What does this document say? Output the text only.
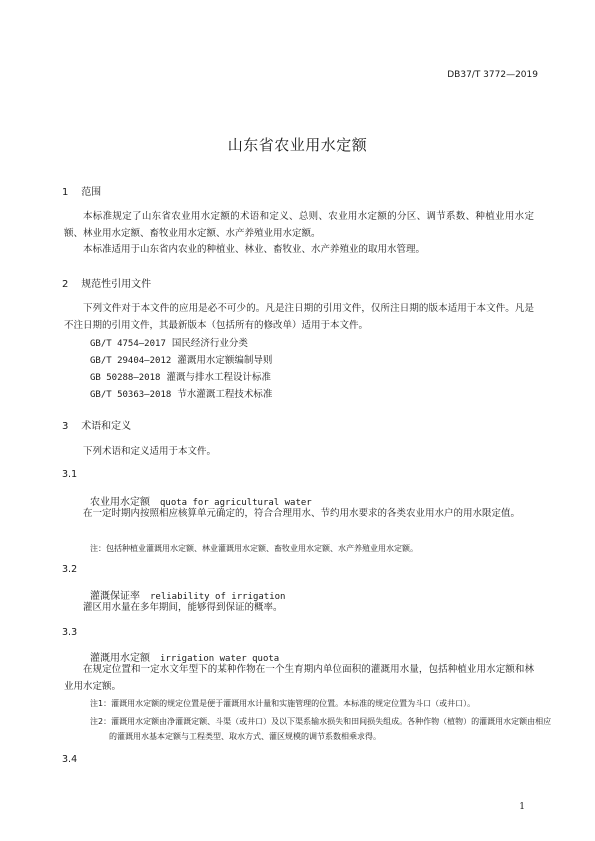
DB37/T 3772—2019
山东省农业用水定额
1 范围

本标准规定了山东省农业用水定额的术语和定义、总则、农业用水定额的分区、调节系数、种植业用水定额、林业用水定额、畜牧业用水定额、水产养殖业用水定额。

本标准适用于山东省内农业的种植业、林业、畜牧业、水产养殖业的取用水管理。

2 规范性引用文件

下列文件对于本文件的应用是必不可少的。凡是注日期的引用文件，仅所注日期的版本适用于本文件。凡是不注日期的引用文件，其最新版本（包括所有的修改单）适用于本文件。

GB/T 4754—2017 国民经济行业分类
GB/T 29404—2012 灌溉用水定额编制导则
GB 50288—2018 灌溉与排水工程设计标准
GB/T 50363—2018 节水灌溉工程技术标准
3 术语和定义

下列术语和定义适用于本文件。

3.1
农业用水定额 quota for agricultural water

在一定时期内按照相应核算单元确定的，符合合理用水、节约用水要求的各类农业用水户的用水限定值。

注：包括种植业灌溉用水定额、林业灌溉用水定额、畜牧业用水定额、水产养殖业用水定额。

3.2
灌溉保证率 reliability of irrigation

灌区用水量在多年期间，能够得到保证的概率。

3.3
灌溉用水定额 irrigation water quota

在规定位置和一定水文年型下的某种作物在一个生育期内单位面积的灌溉用水量，包括种植业用水定额和林业用水定额。

注1：灌溉用水定额的规定位置是便于灌溉用水计量和实施管理的位置。本标准的规定位置为斗口（或井口）。

注2：灌溉用水定额由净灌溉定额、斗渠（或井口）及以下渠系输水损失和田间损失组成。各种作物（植物）的灌溉用水定额由相应的灌溉用水基本定额与工程类型、取水方式、灌区规模的调节系数相乘求得。

3.4
1
